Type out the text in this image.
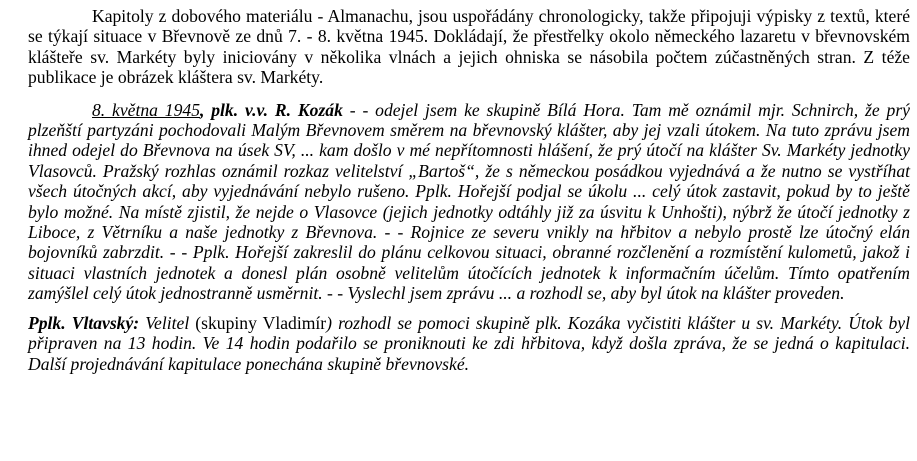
Kapitoly z dobového materiálu - Almanachu, jsou uspořádány chronologicky, takže připojuji výpisky z textů, které se týkají situace v Břevnově ze dnů 7. - 8. května 1945. Dokládají, že přestřelky okolo německého lazaretu v břevnovském klášteře sv. Markéty byly iniciovány v několika vlnách a jejich ohniska se násobila počtem zúčastněných stran. Z téže publikace je obrázek kláštera sv. Markéty.

8. května 1945, plk. v.v. R. Kozák - - odejel jsem ke skupině Bílá Hora. Tam mě oznámil mjr. Schnirch, že prý plzeňští partyzáni pochodovali Malým Břevnovem směrem na břevnovský klášter, aby jej vzali útokem. Na tuto zprávu jsem ihned odejel do Břevnova na úsek SV, ... kam došlo v mé nepřítomnosti hlášení, že prý útočí na klášter Sv. Markéty jednotky Vlasovců. Pražský rozhlas oznámil rozkaz velitelství „Bartoš“, že s německou posádkou vyjednává a že nutno se vystříhat všech útočných akcí, aby vyjednávání nebylo rušeno. Pplk. Hořejší podjal se úkolu ... celý útok zastavit, pokud by to ještě bylo možné. Na místě zjistil, že nejde o Vlasovce (jejich jednotky odtáhly již za úsvitu k Unhošti), nýbrž že útočí jednotky z Liboce, z Větrníku a naše jednotky z Břevnova. - - Rojnice ze severu vnikly na hřbitov a nebylo prostě lze útočný elán bojovníků zabrzdit. - - Pplk. Hořejší zakreslil do plánu celkovou situaci, obranné rozčlenění a rozmístění kulometů, jakož i situaci vlastních jednotek a donesl plán osobně velitelům útočících jednotek k informačním účelům. Tímto opatřením zamýšlel celý útok jednostranně usměrnit. - - Vyslechl jsem zprávu ... a rozhodl se, aby byl útok na klášter proveden.

Pplk. Vltavský: Velitel (skupiny Vladimír) rozhodl se pomoci skupině plk. Kozáka vyčistiti klášter u sv. Markéty. Útok byl připraven na 13 hodin. Ve 14 hodin podařilo se proniknouti ke zdi hřbitova, když došla zpráva, že se jedná o kapitulaci. Další projednávání kapitulace ponechána skupině břevnovské.
